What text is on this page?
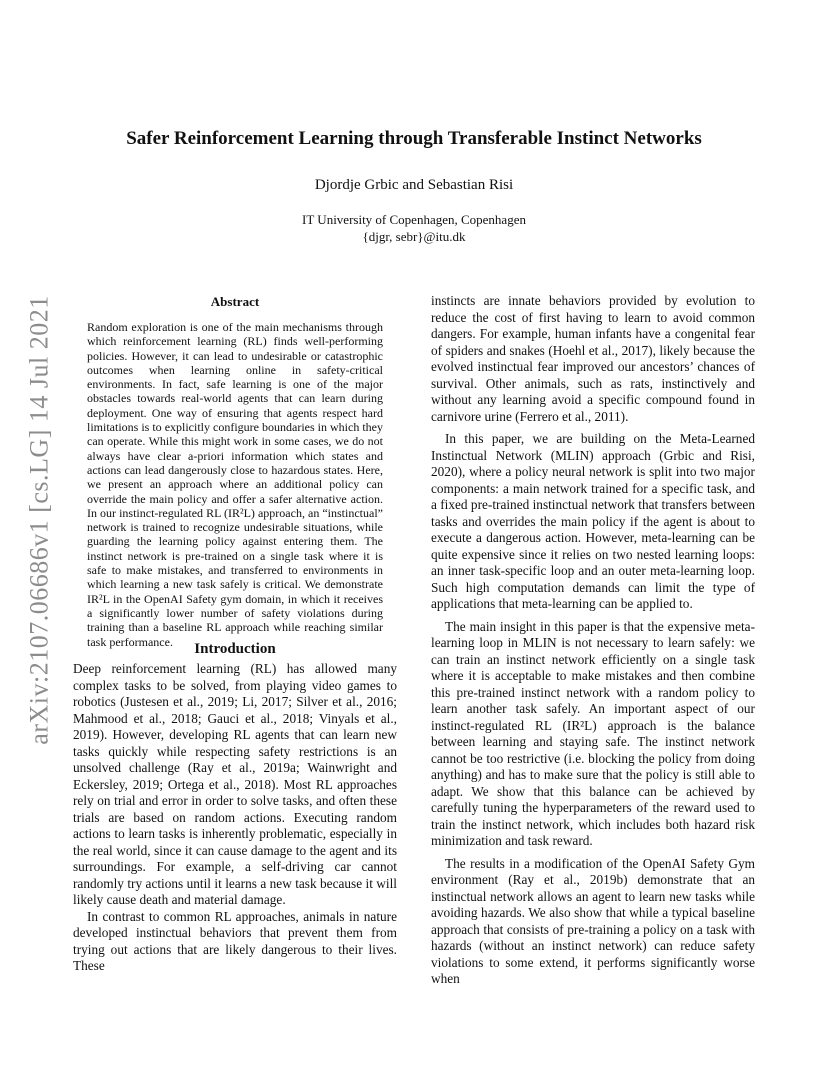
arXiv:2107.06686v1 [cs.LG] 14 Jul 2021
Safer Reinforcement Learning through Transferable Instinct Networks
Djordje Grbic and Sebastian Risi
IT University of Copenhagen, Copenhagen
{djgr, sebr}@itu.dk
Abstract
Random exploration is one of the main mechanisms through which reinforcement learning (RL) finds well-performing policies. However, it can lead to undesirable or catastrophic outcomes when learning online in safety-critical environments. In fact, safe learning is one of the major obstacles towards real-world agents that can learn during deployment. One way of ensuring that agents respect hard limitations is to explicitly configure boundaries in which they can operate. While this might work in some cases, we do not always have clear a-priori information which states and actions can lead dangerously close to hazardous states. Here, we present an approach where an additional policy can override the main policy and offer a safer alternative action. In our instinct-regulated RL (IR²L) approach, an “instinctual” network is trained to recognize undesirable situations, while guarding the learning policy against entering them. The instinct network is pre-trained on a single task where it is safe to make mistakes, and transferred to environments in which learning a new task safely is critical. We demonstrate IR²L in the OpenAI Safety gym domain, in which it receives a significantly lower number of safety violations during training than a baseline RL approach while reaching similar task performance.	Introduction

Deep reinforcement learning (RL) has allowed many complex tasks to be solved, from playing video games to robotics (Justesen et al., 2019; Li, 2017; Silver et al., 2016; Mahmood et al., 2018; Gauci et al., 2018; Vinyals et al., 2019). However, developing RL agents that can learn new tasks quickly while respecting safety restrictions is an unsolved challenge (Ray et al., 2019a; Wainwright and Eckersley, 2019; Ortega et al., 2018). Most RL approaches rely on trial and error in order to solve tasks, and often these trials are based on random actions. Executing random actions to learn tasks is inherently problematic, especially in the real world, since it can cause damage to the agent and its surroundings. For example, a self-driving car cannot randomly try actions until it learns a new task because it will likely cause death and material damage.

In contrast to common RL approaches, animals in nature developed instinctual behaviors that prevent them from trying out actions that are likely dangerous to their lives. These

instincts are innate behaviors provided by evolution to reduce the cost of first having to learn to avoid common dangers. For example, human infants have a congenital fear of spiders and snakes (Hoehl et al., 2017), likely because the evolved instinctual fear improved our ancestors’ chances of survival. Other animals, such as rats, instinctively and without any learning avoid a specific compound found in carnivore urine (Ferrero et al., 2011).

In this paper, we are building on the Meta-Learned Instinctual Network (MLIN) approach (Grbic and Risi, 2020), where a policy neural network is split into two major components: a main network trained for a specific task, and a fixed pre-trained instinctual network that transfers between tasks and overrides the main policy if the agent is about to execute a dangerous action. However, meta-learning can be quite expensive since it relies on two nested learning loops: an inner task-specific loop and an outer meta-learning loop. Such high computation demands can limit the type of applications that meta-learning can be applied to.

The main insight in this paper is that the expensive meta-learning loop in MLIN is not necessary to learn safely: we can train an instinct network efficiently on a single task where it is acceptable to make mistakes and then combine this pre-trained instinct network with a random policy to learn another task safely. An important aspect of our instinct-regulated RL (IR²L) approach is the balance between learning and staying safe. The instinct network cannot be too restrictive (i.e. blocking the policy from doing anything) and has to make sure that the policy is still able to adapt. We show that this balance can be achieved by carefully tuning the hyperparameters of the reward used to train the instinct network, which includes both hazard risk minimization and task reward.

The results in a modification of the OpenAI Safety Gym environment (Ray et al., 2019b) demonstrate that an instinctual network allows an agent to learn new tasks while avoiding hazards. We also show that while a typical baseline approach that consists of pre-training a policy on a task with hazards (without an instinct network) can reduce safety violations to some extend, it performs significantly worse when
